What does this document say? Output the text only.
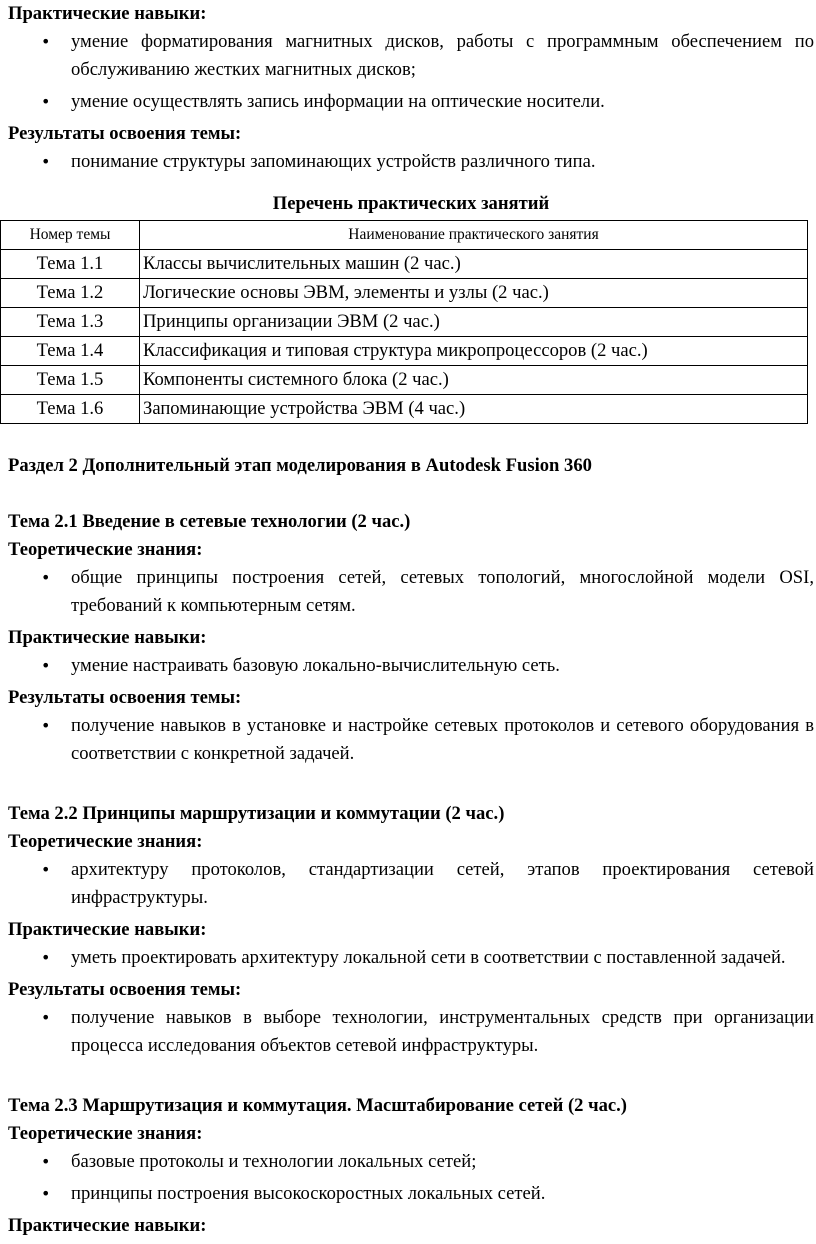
Практические навыки:

• умение форматирования магнитных дисков, работы с программным обеспечением по обслуживанию жестких магнитных дисков;
• умение осуществлять запись информации на оптические носители.

Результаты освоения темы:

• понимание структуры запоминающих устройств различного типа.

Перечень практических занятий

Номер темы	Наименование практического занятия
Тема 1.1	Классы вычислительных машин (2 час.)
Тема 1.2	Логические основы ЭВМ, элементы и узлы (2 час.)
Тема 1.3	Принципы организации ЭВМ (2 час.)
Тема 1.4	Классификация и типовая структура микропроцессоров (2 час.)
Тема 1.5	Компоненты системного блока (2 час.)
Тема 1.6	Запоминающие устройства ЭВМ (4 час.)

Раздел 2 Дополнительный этап моделирования в Autodesk Fusion 360

Тема 2.1 Введение в сетевые технологии (2 час.)

Теоретические знания:

• общие принципы построения сетей, сетевых топологий, многослойной модели OSI, требований к компьютерным сетям.

Практические навыки:

• умение настраивать базовую локально-вычислительную сеть.

Результаты освоения темы:

• получение навыков в установке и настройке сетевых протоколов и сетевого оборудования в соответствии с конкретной задачей.

Тема 2.2 Принципы маршрутизации и коммутации (2 час.)

Теоретические знания:

• архитектуру протоколов, стандартизации сетей, этапов проектирования сетевой инфраструктуры.

Практические навыки:

• уметь проектировать архитектуру локальной сети в соответствии с поставленной задачей.

Результаты освоения темы:

• получение навыков в выборе технологии, инструментальных средств при организации процесса исследования объектов сетевой инфраструктуры.

Тема 2.3 Маршрутизация и коммутация. Масштабирование сетей (2 час.)

Теоретические знания:

• базовые протоколы и технологии локальных сетей;
• принципы построения высокоскоростных локальных сетей.

Практические навыки:
